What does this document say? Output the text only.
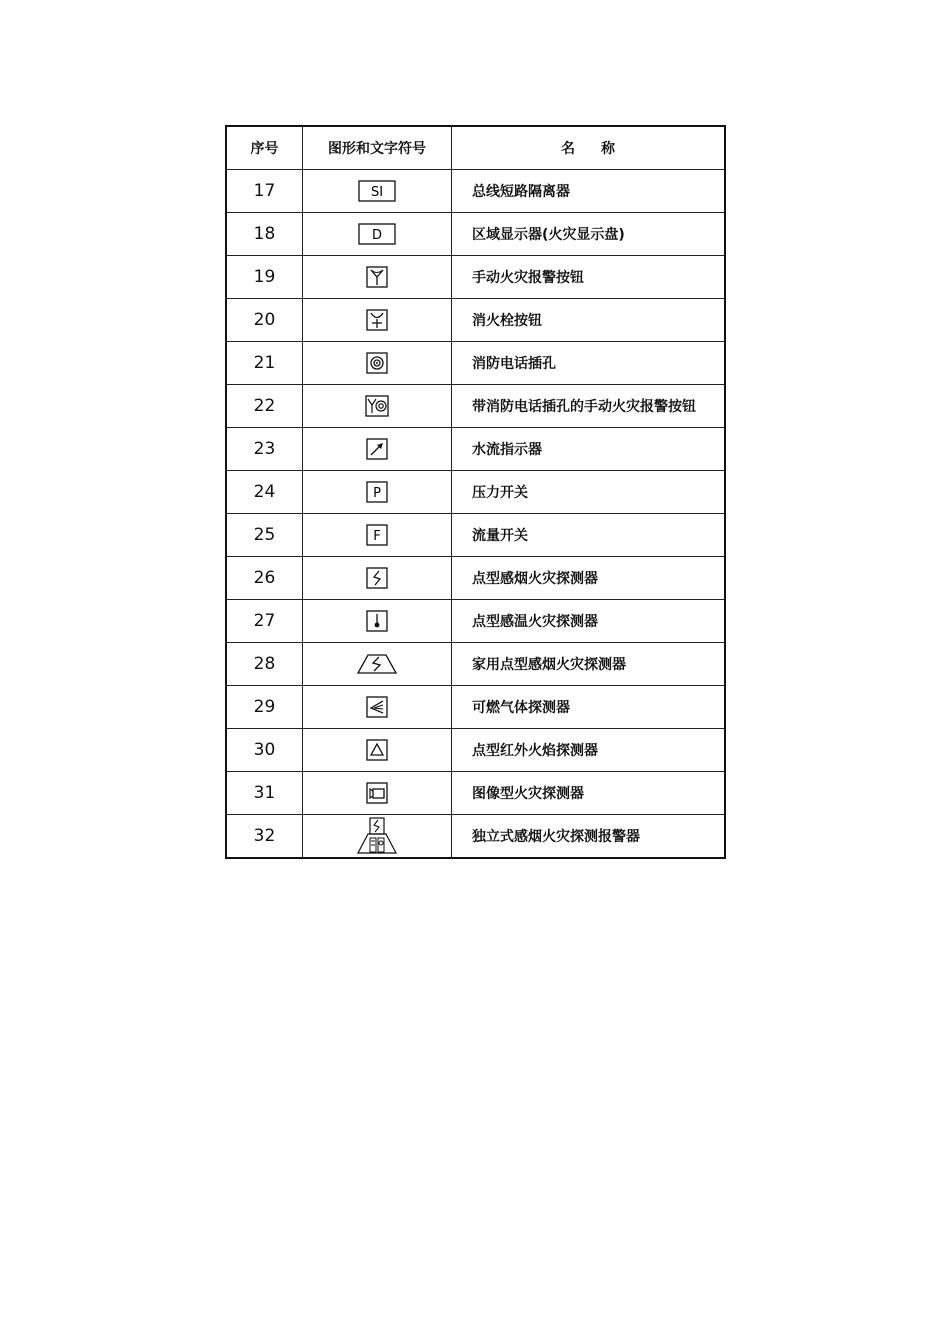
序号	图形和文字符号	名 称
17	SI	总线短路隔离器
18	D	区域显示器(火灾显示盘)
19		手动火灾报警按钮
20		消火栓按钮
21		消防电话插孔
22		带消防电话插孔的手动火灾报警按钮
23		水流指示器
24	P	压力开关
25	F	流量开关
26		点型感烟火灾探测器
27		点型感温火灾探测器
28		家用点型感烟火灾探测器
29		可燃气体探测器
30		点型红外火焰探测器
31		图像型火灾探测器
32		独立式感烟火灾探测报警器
